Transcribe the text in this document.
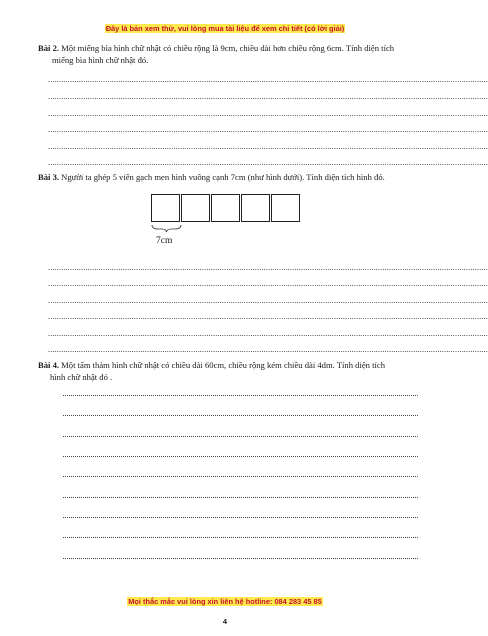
Đây là bản xem thử, vui lòng mua tài liệu để xem chi tiết (có lời giải)
Bài 2. Một miếng bìa hình chữ nhật có chiều rộng là 9cm, chiều dài hơn chiều rộng 6cm. Tính diện tích
miếng bìa hình chữ nhật đó.
........................................................................................................................................................................................................
........................................................................................................................................................................................................
........................................................................................................................................................................................................
........................................................................................................................................................................................................
........................................................................................................................................................................................................
........................................................................................................................................................................................................
Bài 3. Người ta ghép 5 viên gạch men hình vuông cạnh 7cm (như hình dưới). Tính diện tích hình đó.
7cm
........................................................................................................................................................................................................
........................................................................................................................................................................................................
........................................................................................................................................................................................................
........................................................................................................................................................................................................
........................................................................................................................................................................................................
........................................................................................................................................................................................................
Bài 4. Một tấm thảm hình chữ nhật có chiều dài 60cm, chiều rộng kém chiều dài 4dm. Tính diện tích
hình chữ nhật đó .
Mọi thắc mắc vui lòng xin liên hệ hotline: 084 283 45 85
4
